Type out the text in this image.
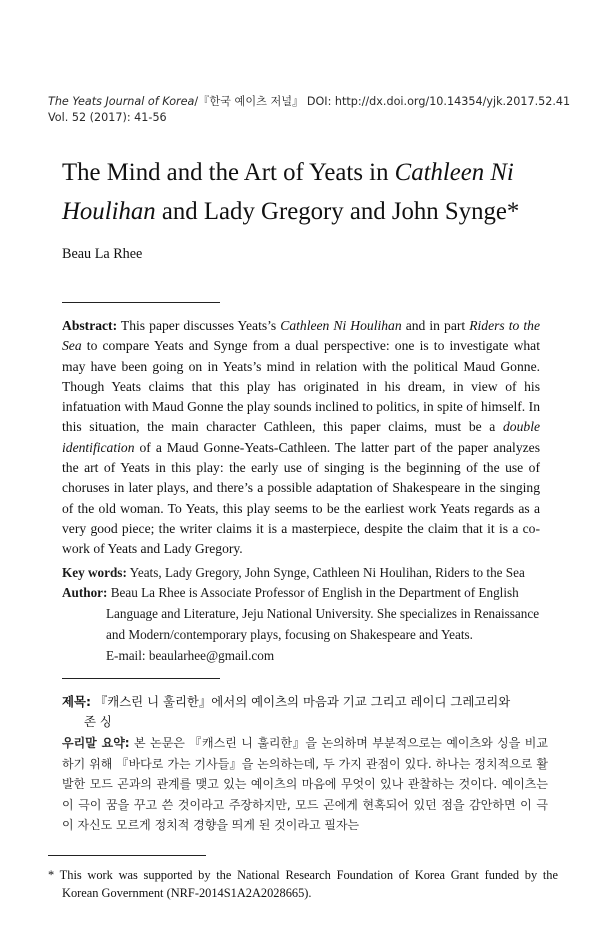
The Yeats Journal of Korea/『한국 예이츠 저널』 DOI: http://dx.doi.org/10.14354/yjk.2017.52.41
Vol. 52 (2017): 41-56
The Mind and the Art of Yeats in Cathleen Ni
Houlihan and Lady Gregory and John Synge*
Beau La Rhee
Abstract: This paper discusses Yeats’s Cathleen Ni Houlihan and in part Riders to the Sea to compare Yeats and Synge from a dual perspective: one is to investigate what may have been going on in Yeats’s mind in relation with the political Maud Gonne. Though Yeats claims that this play has originated in his dream, in view of his infatuation with Maud Gonne the play sounds inclined to politics, in spite of himself. In this situation, the main character Cathleen, this paper claims, must be a double identification of a Maud Gonne-Yeats-Cathleen. The latter part of the paper analyzes the art of Yeats in this play: the early use of singing is the beginning of the use of choruses in later plays, and there’s a possible adaptation of Shakespeare in the singing of the old woman. To Yeats, this play seems to be the earliest work Yeats regards as a very good piece; the writer claims it is a masterpiece, despite the claim that it is a co-work of Yeats and Lady Gregory.
Key words: Yeats, Lady Gregory, John Synge, Cathleen Ni Houlihan, Riders to the Sea
Author: Beau La Rhee is Associate Professor of English in the Department of English
Language and Literature, Jeju National University. She specializes in Renaissance and Modern/contemporary plays, focusing on Shakespeare and Yeats.
E-mail: beaularhee@gmail.com
제목: 『캐스린 니 훌리한』에서의 예이츠의 마음과 기교 그리고 레이디 그레고리와
존 싱
우리말 요약: 본 논문은 『캐스린 니 훌리한』을 논의하며 부분적으로는 예이츠와 싱을 비교하기 위해 『바다로 가는 기사들』을 논의하는데, 두 가지 관점이 있다. 하나는 정치적으로 활발한 모드 곤과의 관계를 맺고 있는 예이츠의 마음에 무엇이 있나 관찰하는 것이다. 예이츠는 이 극이 꿈을 꾸고 쓴 것이라고 주장하지만, 모드 곤에게 현혹되어 있던 점을 감안하면 이 극이 자신도 모르게 정치적 경향을 띄게 된 것이라고 필자는
* This work was supported by the National Research Foundation of Korea Grant funded by the
Korean Government (NRF-2014S1A2A2028665).
